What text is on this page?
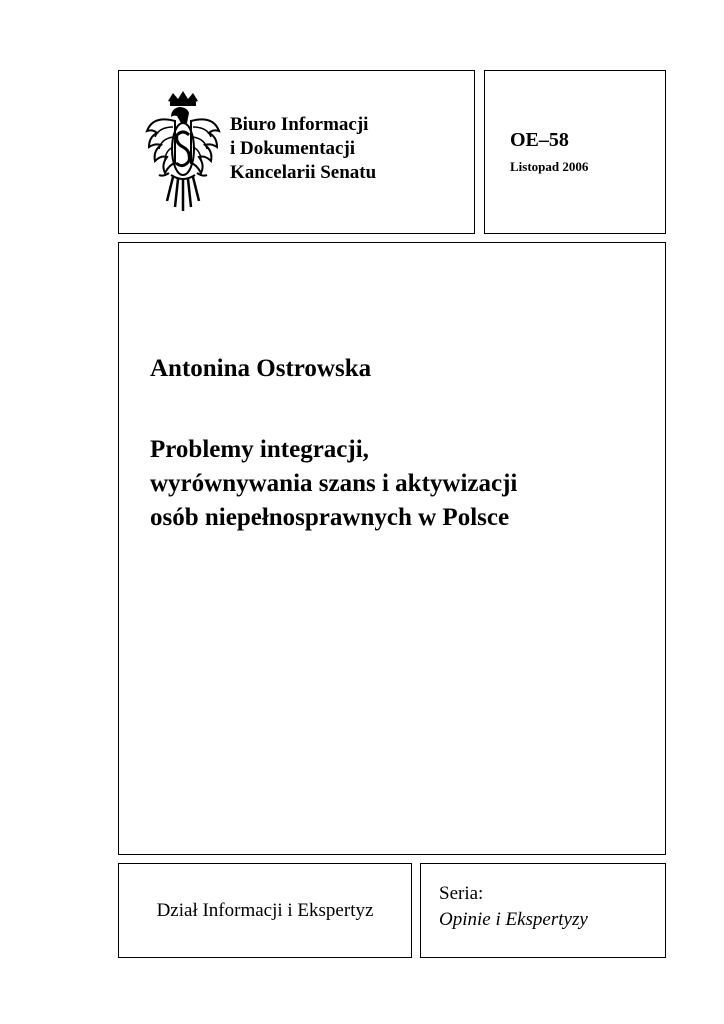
Biuro Informacji
i Dokumentacji
Kancelarii Senatu
OE–58
Listopad 2006
Antonina Ostrowska
Problemy integracji,
wyrównywania szans i aktywizacji
osób niepełnosprawnych w Polsce
Dział Informacji i Ekspertyz
Seria:
Opinie i Ekspertyzy
